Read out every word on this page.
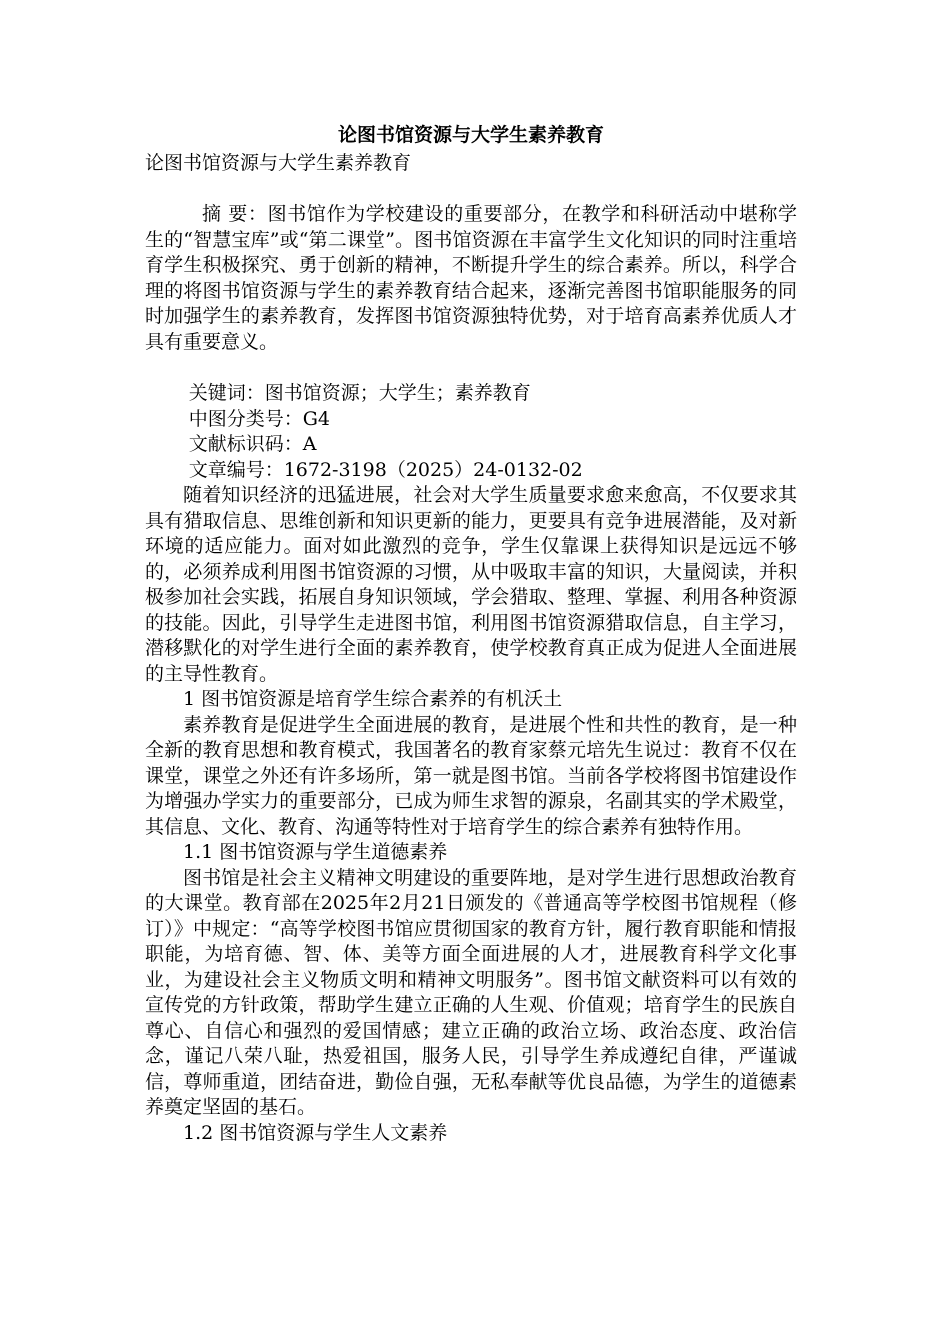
论图书馆资源与大学生素养教育
论图书馆资源与大学生素养教育

摘 要：图书馆作为学校建设的重要部分，在教学和科研活动中堪称学生的“智慧宝库”或“第二课堂”。图书馆资源在丰富学生文化知识的同时注重培育学生积极探究、勇于创新的精神，不断提升学生的综合素养。所以，科学合理的将图书馆资源与学生的素养教育结合起来，逐渐完善图书馆职能服务的同时加强学生的素养教育，发挥图书馆资源独特优势，对于培育高素养优质人才具有重要意义。

关键词：图书馆资源；大学生；素养教育

中图分类号：G4

文献标识码：A

文章编号：1672-3198（2025）24-0132-02

随着知识经济的迅猛进展，社会对大学生质量要求愈来愈高，不仅要求其具有猎取信息、思维创新和知识更新的能力，更要具有竞争进展潜能，及对新环境的适应能力。面对如此激烈的竞争，学生仅靠课上获得知识是远远不够的，必须养成利用图书馆资源的习惯，从中吸取丰富的知识，大量阅读，并积极参加社会实践，拓展自身知识领域，学会猎取、整理、掌握、利用各种资源的技能。因此，引导学生走进图书馆，利用图书馆资源猎取信息，自主学习，潜移默化的对学生进行全面的素养教育，使学校教育真正成为促进人全面进展的主导性教育。

1 图书馆资源是培育学生综合素养的有机沃土

素养教育是促进学生全面进展的教育，是进展个性和共性的教育，是一种全新的教育思想和教育模式，我国著名的教育家蔡元培先生说过：教育不仅在课堂，课堂之外还有许多场所，第一就是图书馆。当前各学校将图书馆建设作为增强办学实力的重要部分，已成为师生求智的源泉，名副其实的学术殿堂，其信息、文化、教育、沟通等特性对于培育学生的综合素养有独特作用。

1.1 图书馆资源与学生道德素养

图书馆是社会主义精神文明建设的重要阵地，是对学生进行思想政治教育的大课堂。教育部在2025年2月21日颁发的《普通高等学校图书馆规程（修订）》中规定：“高等学校图书馆应贯彻国家的教育方针，履行教育职能和情报职能，为培育德、智、体、美等方面全面进展的人才，进展教育科学文化事业，为建设社会主义物质文明和精神文明服务”。图书馆文献资料可以有效的宣传党的方针政策，帮助学生建立正确的人生观、价值观；培育学生的民族自尊心、自信心和强烈的爱国情感；建立正确的政治立场、政治态度、政治信念，谨记八荣八耻，热爱祖国，服务人民，引导学生养成遵纪自律，严谨诚信，尊师重道，团结奋进，勤俭自强，无私奉献等优良品德，为学生的道德素养奠定坚固的基石。

1.2 图书馆资源与学生人文素养
